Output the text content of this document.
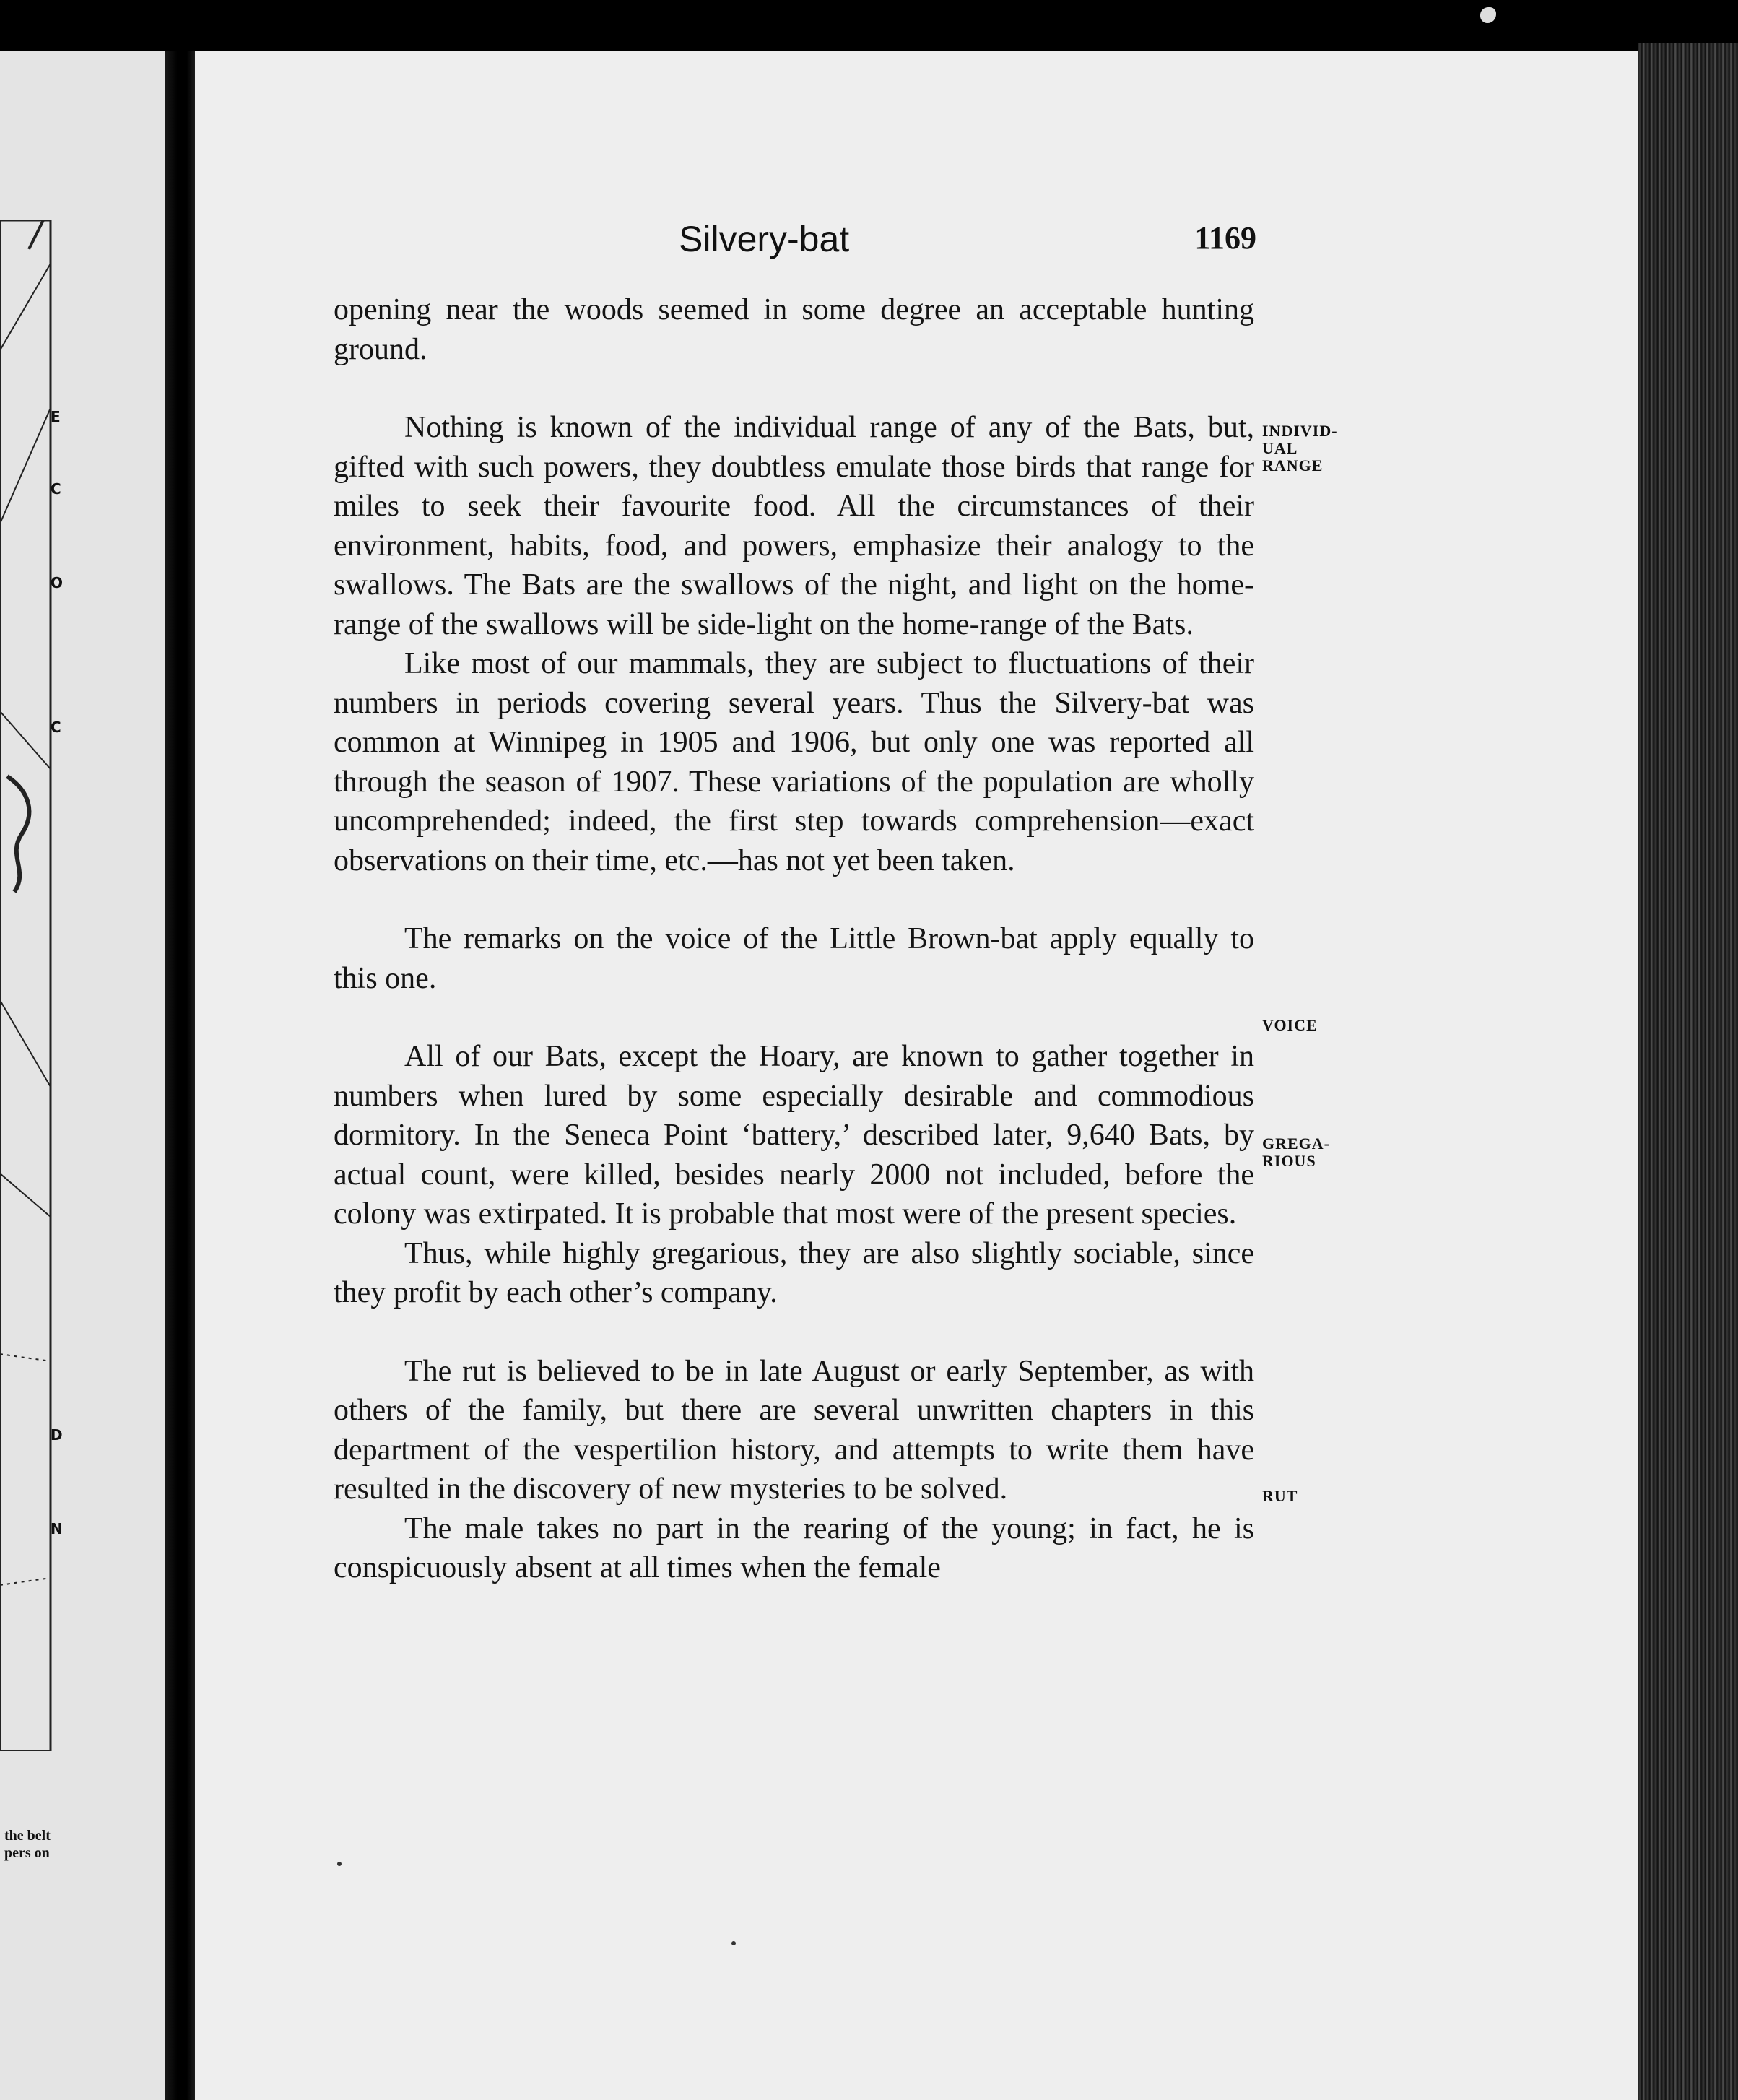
E
C
O
C
D
N
the belt
pers on
Silvery-bat	1169

opening near the woods seemed in some degree an acceptable hunting ground.

Nothing is known of the individual range of any of the Bats, but, gifted with such powers, they doubtless emulate those birds that range for miles to seek their favourite food. All the circumstances of their environment, habits, food, and powers, emphasize their analogy to the swallows. The Bats are the swallows of the night, and light on the home-range of the swallows will be side-light on the home-range of the Bats.

Like most of our mammals, they are subject to fluctuations of their numbers in periods covering several years. Thus the Silvery-bat was common at Winnipeg in 1905 and 1906, but only one was reported all through the season of 1907. These variations of the population are wholly uncomprehended; indeed, the first step towards comprehension—exact observations on their time, etc.—has not yet been taken.

The remarks on the voice of the Little Brown-bat apply equally to this one.

All of our Bats, except the Hoary, are known to gather together in numbers when lured by some especially desirable and commodious dormitory. In the Seneca Point ‘battery,’ described later, 9,640 Bats, by actual count, were killed, besides nearly 2000 not included, before the colony was extirpated. It is probable that most were of the present species.

Thus, while highly gregarious, they are also slightly sociable, since they profit by each other’s company.

The rut is believed to be in late August or early September, as with others of the family, but there are several unwritten chapters in this department of the vespertilion history, and attempts to write them have resulted in the discovery of new mysteries to be solved.

The male takes no part in the rearing of the young; in fact, he is conspicuously absent at all times when the female

INDIVID-
UAL
RANGE
VOICE
GREGA-
RIOUS
RUT
